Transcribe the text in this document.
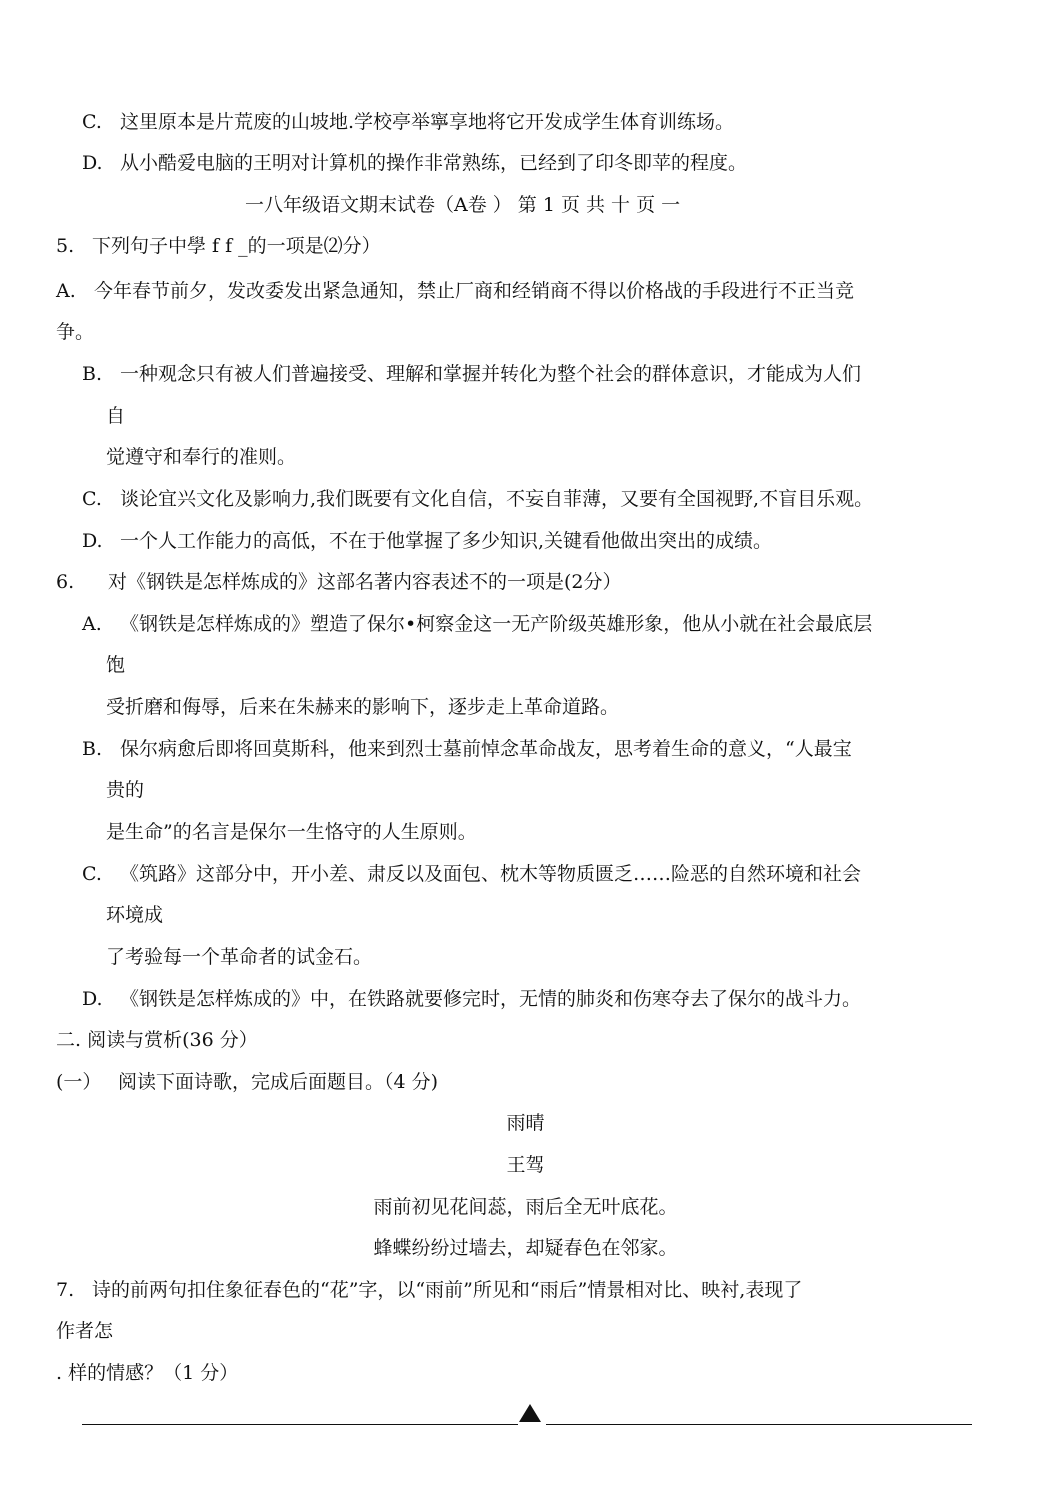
C. 这里原本是片荒废的山坡地.学校亭举寧享地将它开发成学生体育训练场。
D. 从小酷爱电脑的王明对计算机的操作非常熟练，已经到了印冬即苹的程度。
一八年级语文期末试卷（A卷 ） 第 1 页 共 十 页 一
5. 下列句子中學 f f _的一项是⑵分）
A. 今年春节前夕，发改委发出紧急通知，禁止厂商和经销商不得以价格战的手段进行不正当竞
争。
B. 一种观念只有被人们普遍接受、理解和掌握并转化为整个社会的群体意识，才能成为人们
自
觉遵守和奉行的准则。
C. 谈论宜兴文化及影响力,我们既要有文化自信，不妄自菲薄，又要有全国视野,不盲目乐观。
D. 一个人工作能力的高低，不在于他掌握了多少知识,关键看他做出突出的成绩。
6. 对《钢铁是怎样炼成的》这部名著内容表述不的一项是(2分）
A. 《钢铁是怎样炼成的》塑造了保尔•柯察金这一无产阶级英雄形象，他从小就在社会最底层
饱
受折磨和侮辱，后来在朱赫来的影响下，逐步走上革命道路。
B. 保尔病愈后即将回莫斯科，他来到烈士墓前悼念革命战友，思考着生命的意义，“人最宝
贵的
是生命”的名言是保尔一生恪守的人生原则。
C. 《筑路》这部分中，开小差、肃反以及面包、枕木等物质匮乏……险恶的自然环境和社会
环境成
了考验每一个革命者的试金石。
D. 《钢铁是怎样炼成的》中，在铁路就要修完时，无情的肺炎和伤寒夺去了保尔的战斗力。
二. 阅读与赏析(36 分）
(一） 阅读下面诗歌，完成后面题目。（4 分)
雨晴
王驾
雨前初见花间蕊，雨后全无叶底花。
蜂蝶纷纷过墙去，却疑春色在邻家。
7. 诗的前两句扣住象征春色的“花”字，以“雨前”所见和“雨后”情景相对比、映衬,表现了
作者怎
. 样的情感？（1 分）
